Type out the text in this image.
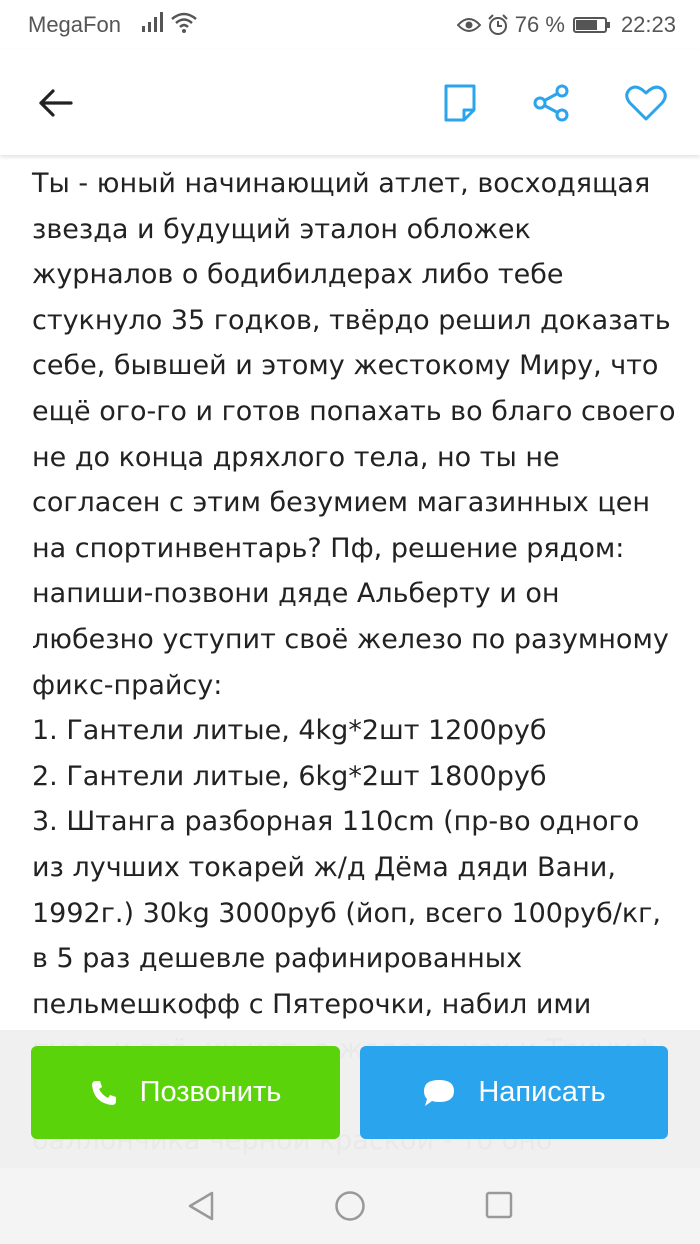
MegaFon	76 %	22:23

Ты - юный начинающий атлет, восходящая
звезда и будущий эталон обложек
журналов о бодибилдерах либо тебе
стукнуло 35 годков, твёрдо решил доказать
себе, бывшей и этому жестокому Миру, что
ещё ого-го и готов попахать во благо своего
не до конца дряхлого тела, но ты не
согласен с этим безумием магазинных цен
на спортинвентарь? Пф, решение рядом:
напиши-позвони дяде Альберту и он
любезно уступит своё железо по разумному
фикс-прайсу:
1. Гантели литые, 4kg*2шт 1200руб
2. Гантели литые, 6kg*2шт 1800руб
3. Штанга разборная 110cm (пр-во одного
из лучших токарей ж/д Дёма дяди Вани,
1992г.) 30kg 3000руб (йоп, всего 100руб/кг,
в 5 раз дешевле рафинированных
пельмешкофф с Пятерочки, набил ими

Позвонить	Написать
